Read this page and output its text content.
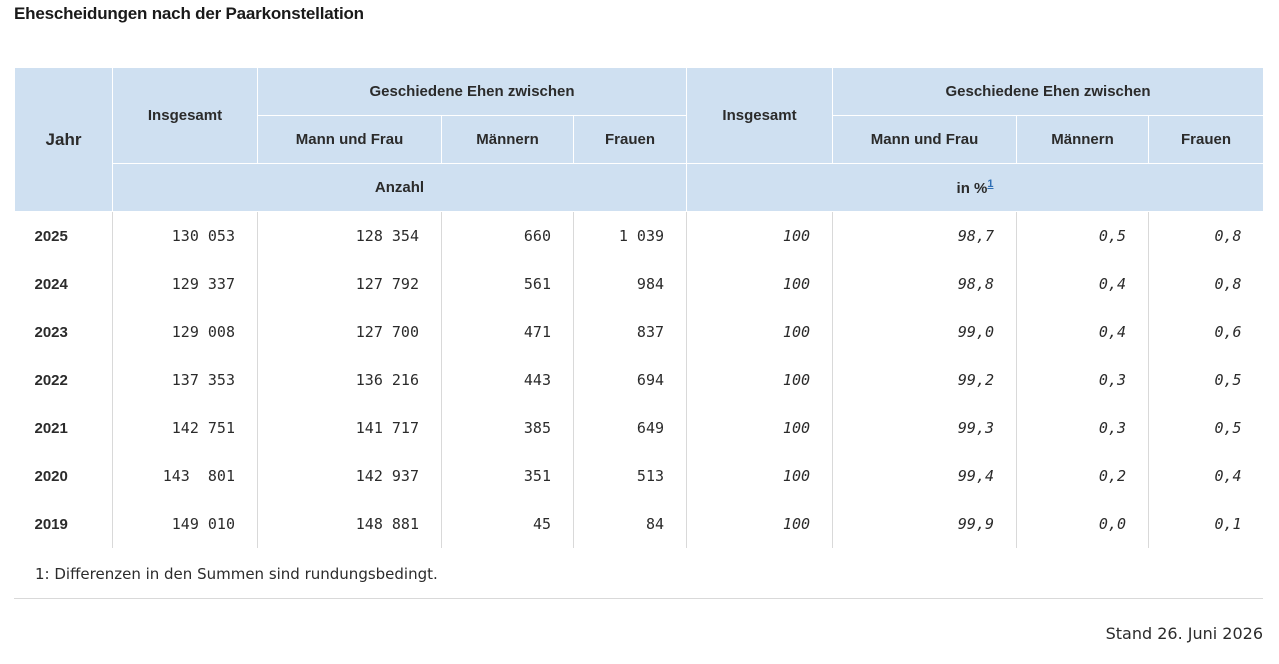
Ehescheidungen nach der Paarkonstellation
Jahr	Insgesamt	Geschiedene Ehen zwischen			Insgesamt	Geschiedene Ehen zwischen		
		Mann und Frau	Männern	Frauen		Mann und Frau	Männern	Frauen
	Anzahl				in %$^1$
2025	130 053	128 354	660	1 039	100	98,7	0,5	0,8
2024	129 337	127 792	561	984	100	98,8	0,4	0,8
2023	129 008	127 700	471	837	100	99,0	0,4	0,6
2022	137 353	136 216	443	694	100	99,2	0,3	0,5
2021	142 751	141 717	385	649	100	99,3	0,3	0,5
2020	143  801	142 937	351	513	100	99,4	0,2	0,4
2019	149 010	148 881	45	84	100	99,9	0,0	0,1
1: Differenzen in den Summen sind rundungsbedingt.
Stand 26. Juni 2026
